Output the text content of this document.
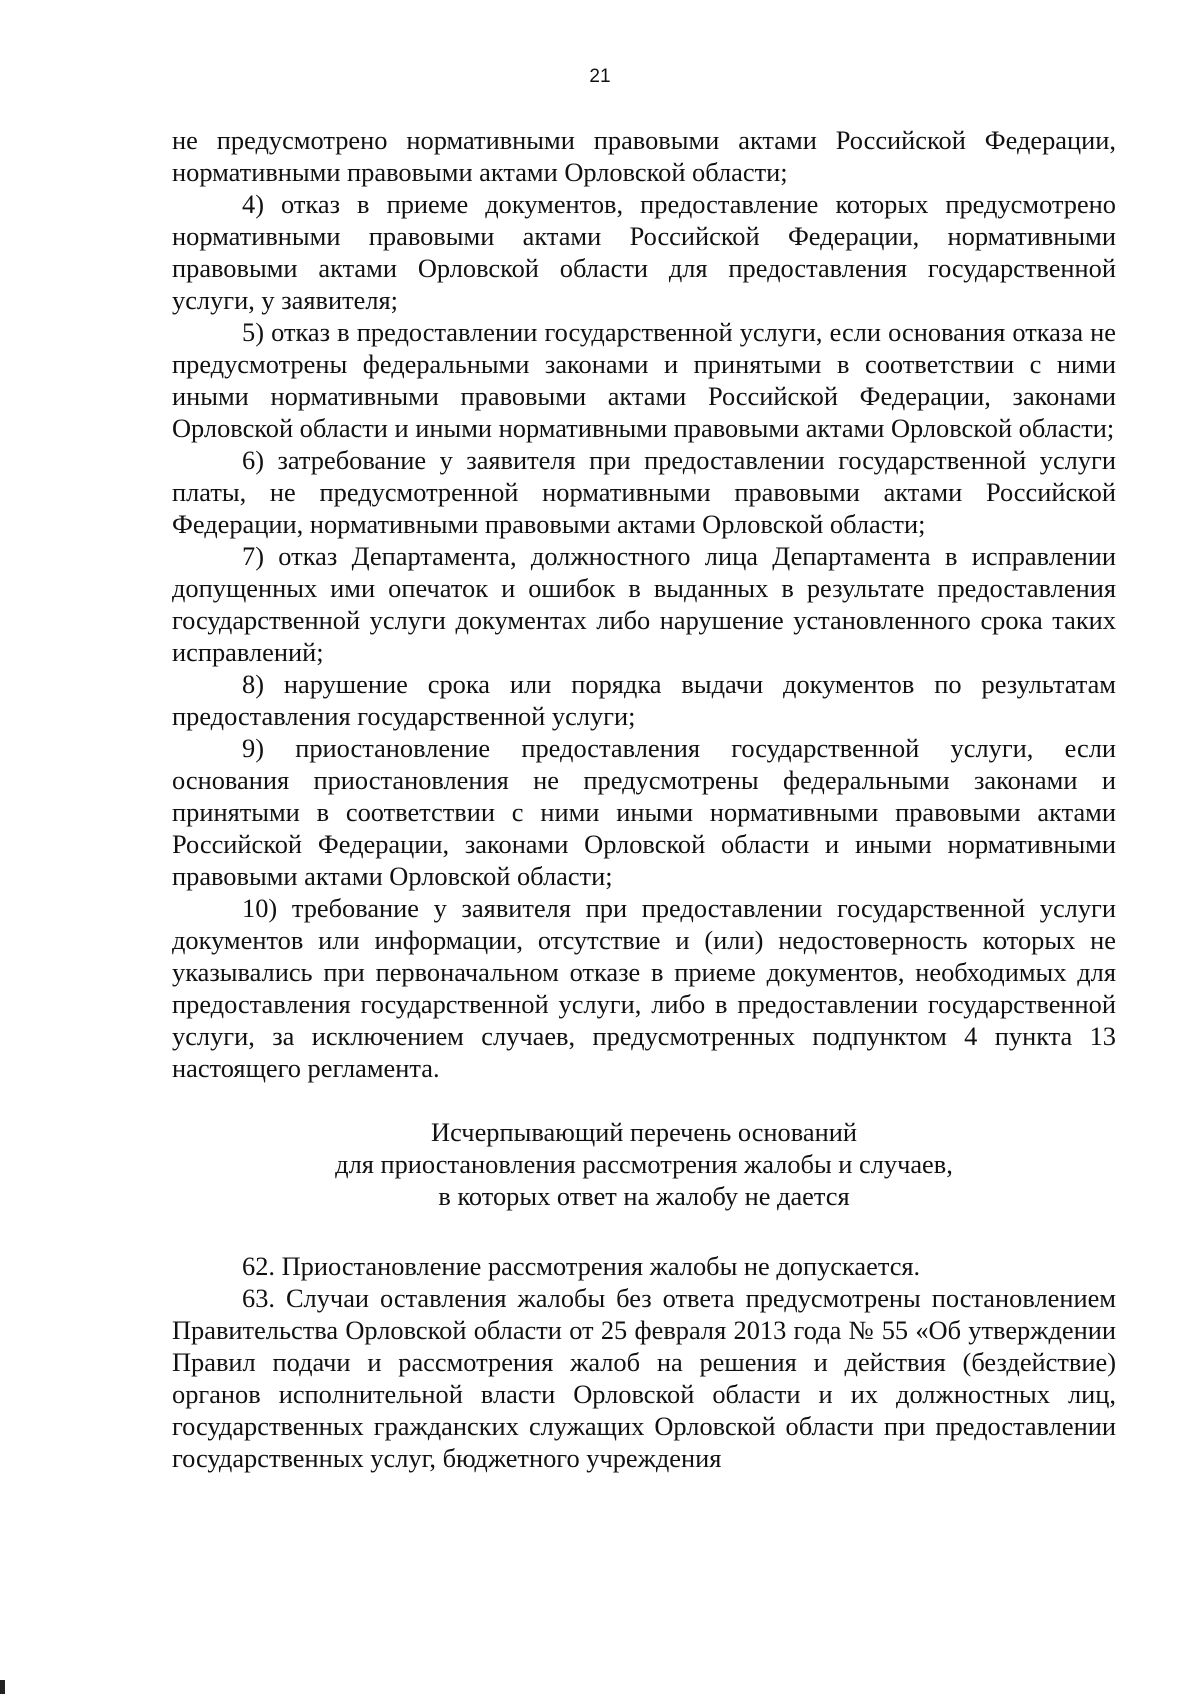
21

не предусмотрено нормативными правовыми актами Российской Федерации, нормативными правовыми актами Орловской области;

4) отказ в приеме документов, предоставление которых предусмотрено нормативными правовыми актами Российской Федерации, нормативными правовыми актами Орловской области для предоставления государственной услуги, у заявителя;

5) отказ в предоставлении государственной услуги, если основания отказа не предусмотрены федеральными законами и принятыми в соответствии с ними иными нормативными правовыми актами Российской Федерации, законами Орловской области и иными нормативными правовыми актами Орловской области;

6) затребование у заявителя при предоставлении государственной услуги платы, не предусмотренной нормативными правовыми актами Российской Федерации, нормативными правовыми актами Орловской области;

7) отказ Департамента, должностного лица Департамента в исправлении допущенных ими опечаток и ошибок в выданных в результате предоставления государственной услуги документах либо нарушение установленного срока таких исправлений;

8) нарушение срока или порядка выдачи документов по результатам предоставления государственной услуги;

9) приостановление предоставления государственной услуги, если основания приостановления не предусмотрены федеральными законами и принятыми в соответствии с ними иными нормативными правовыми актами Российской Федерации, законами Орловской области и иными нормативными правовыми актами Орловской области;

10) требование у заявителя при предоставлении государственной услуги документов или информации, отсутствие и (или) недостоверность которых не указывались при первоначальном отказе в приеме документов, необходимых для предоставления государственной услуги, либо в предоставлении государственной услуги, за исключением случаев, предусмотренных подпунктом 4 пункта 13 настоящего регламента.

Исчерпывающий перечень оснований
для приостановления рассмотрения жалобы и случаев,
в которых ответ на жалобу не дается

62. Приостановление рассмотрения жалобы не допускается.

63. Случаи оставления жалобы без ответа предусмотрены постановлением Правительства Орловской области от 25 февраля 2013 года № 55 «Об утверждении Правил подачи и рассмотрения жалоб на решения и действия (бездействие) органов исполнительной власти Орловской области и их должностных лиц, государственных гражданских служащих Орловской области при предоставлении государственных услуг, бюджетного учреждения
